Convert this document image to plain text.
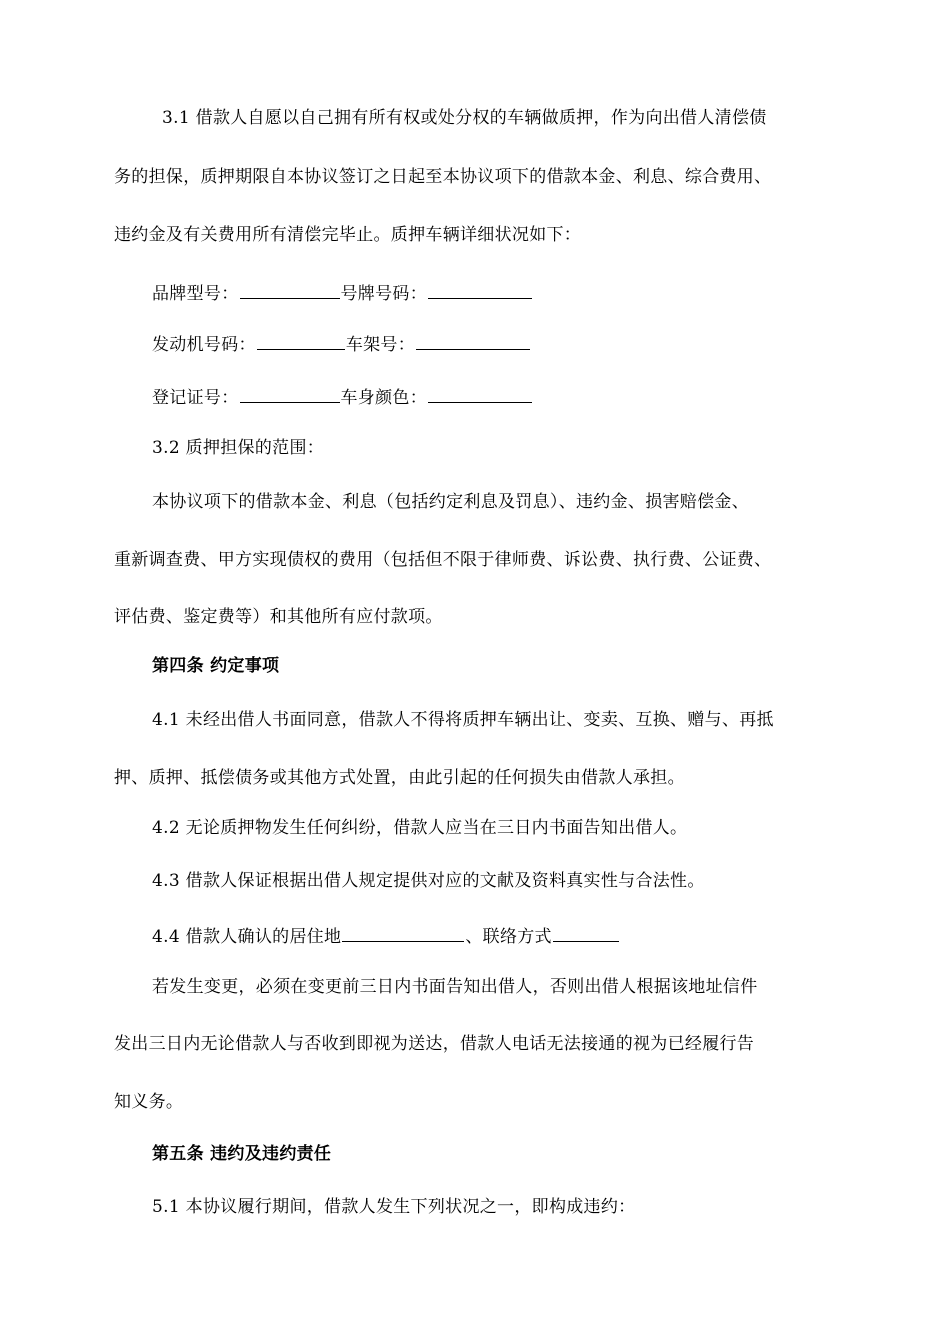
3.1 借款人自愿以自己拥有所有权或处分权的车辆做质押，作为向出借人清偿债
务的担保，质押期限自本协议签订之日起至本协议项下的借款本金、利息、综合费用、
违约金及有关费用所有清偿完毕止。质押车辆详细状况如下：
品牌型号：	号牌号码：
发动机号码：	车架号：
登记证号：	车身颜色：
3.2 质押担保的范围：
本协议项下的借款本金、利息（包括约定利息及罚息）、违约金、损害赔偿金、
重新调查费、甲方实现债权的费用（包括但不限于律师费、诉讼费、执行费、公证费、
评估费、鉴定费等）和其他所有应付款项。
第四条 约定事项
4.1 未经出借人书面同意，借款人不得将质押车辆出让、变卖、互换、赠与、再抵
押、质押、抵偿债务或其他方式处置，由此引起的任何损失由借款人承担。
4.2 无论质押物发生任何纠纷，借款人应当在三日内书面告知出借人。
4.3 借款人保证根据出借人规定提供对应的文献及资料真实性与合法性。
4.4 借款人确认的居住地	、联络方式
若发生变更，必须在变更前三日内书面告知出借人，否则出借人根据该地址信件
发出三日内无论借款人与否收到即视为送达，借款人电话无法接通的视为已经履行告
知义务。
第五条 违约及违约责任
5.1 本协议履行期间，借款人发生下列状况之一，即构成违约：
